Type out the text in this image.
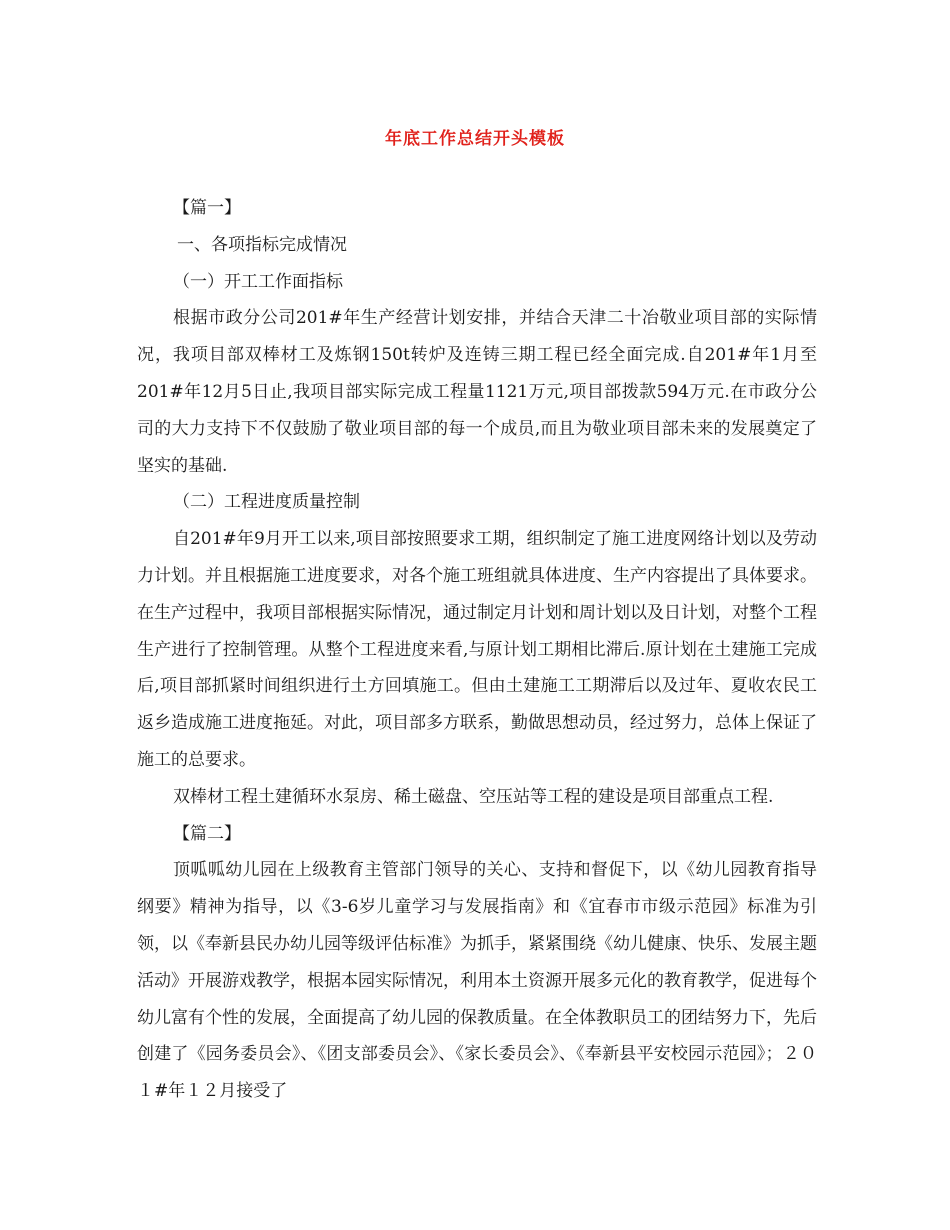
年底工作总结开头模板

【篇一】

一、各项指标完成情况

（一）开工工作面指标

根据市政分公司201#年生产经营计划安排，并结合天津二十冶敬业项目部的实际情况，我项目部双棒材工及炼钢150t转炉及连铸三期工程已经全面完成.自201#年1月至201#年12月5日止,我项目部实际完成工程量1121万元,项目部拨款594万元.在市政分公司的大力支持下不仅鼓励了敬业项目部的每一个成员,而且为敬业项目部未来的发展奠定了坚实的基础.

（二）工程进度质量控制

自201#年9月开工以来,项目部按照要求工期，组织制定了施工进度网络计划以及劳动力计划。并且根据施工进度要求，对各个施工班组就具体进度、生产内容提出了具体要求。在生产过程中，我项目部根据实际情况，通过制定月计划和周计划以及日计划，对整个工程生产进行了控制管理。从整个工程进度来看,与原计划工期相比滞后.原计划在土建施工完成后,项目部抓紧时间组织进行土方回填施工。但由土建施工工期滞后以及过年、夏收农民工返乡造成施工进度拖延。对此，项目部多方联系，勤做思想动员，经过努力，总体上保证了施工的总要求。

双棒材工程土建循环水泵房、稀土磁盘、空压站等工程的建设是项目部重点工程.

【篇二】

顶呱呱幼儿园在上级教育主管部门领导的关心、支持和督促下，以《幼儿园教育指导纲要》精神为指导，以《3-6岁儿童学习与发展指南》和《宜春市市级示范园》标准为引领，以《奉新县民办幼儿园等级评估标准》为抓手，紧紧围绕《幼儿健康、快乐、发展主题活动》开展游戏教学，根据本园实际情况，利用本土资源开展多元化的教育教学，促进每个幼儿富有个性的发展，全面提高了幼儿园的保教质量。在全体教职员工的团结努力下，先后创建了《园务委员会》、《团支部委员会》、《家长委员会》、《奉新县平安校园示范园》；２０１#年１２月接受了
